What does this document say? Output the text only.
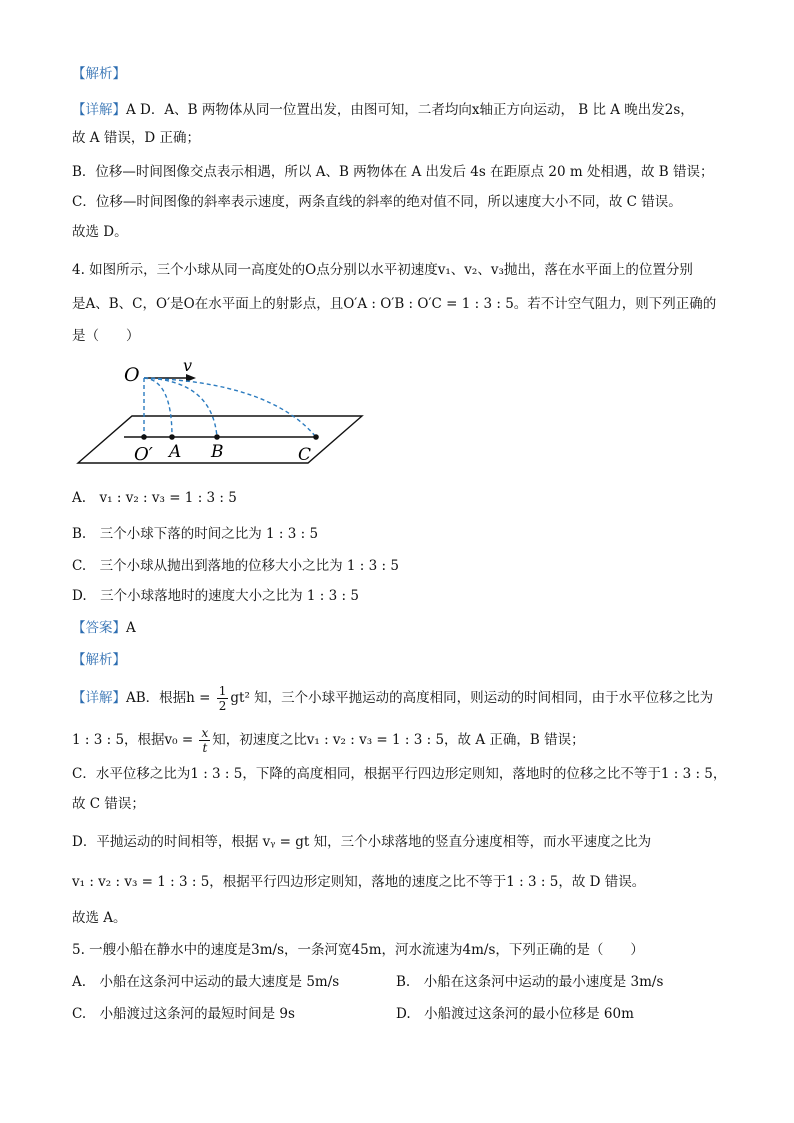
【解析】
【详解】A D．A、B 两物体从同一位置出发，由图可知，二者均向x轴正方向运动， B 比 A 晚出发2s，
故 A 错误，D 正确；
B．位移—时间图像交点表示相遇，所以 A、B 两物体在 A 出发后 4s 在距原点 20 m 处相遇，故 B 错误；
C．位移—时间图像的斜率表示速度，两条直线的斜率的绝对值不同，所以速度大小不同，故 C 错误。
故选 D。
4. 如图所示，三个小球从同一高度处的O点分别以水平初速度v₁、v₂、v₃抛出，落在水平面上的位置分别
是A、B、C，O′是O在水平面上的射影点，且O′A : O′B : O′C = 1 : 3 : 5。若不计空气阻力，则下列正确的
是（　　）
O	v
O′ A B	C
A.　v₁ : v₂ : v₃ = 1 : 3 : 5
B.　三个小球下落的时间之比为 1 : 3 : 5
C.　三个小球从抛出到落地的位移大小之比为 1 : 3 : 5
D.　三个小球落地时的速度大小之比为 1 : 3 : 5
【答案】A
【解析】
【详解】AB．根据$h = \frac{1}{2} gt^2$ 知，三个小球平抛运动的高度相同，则运动的时间相同，由于水平位移之比为
1 : 3 : 5，根据$v_0 = \frac{x}{t}$ 知，初速度之比v₁ : v₂ : v₃ = 1 : 3 : 5，故 A 正确，B 错误；
C．水平位移之比为1 : 3 : 5，下降的高度相同，根据平行四边形定则知，落地时的位移之比不等于1 : 3 : 5，
故 C 错误；
D．平抛运动的时间相等，根据 vᵧ = gt 知，三个小球落地的竖直分速度相等，而水平速度之比为
v₁ : v₂ : v₃ = 1 : 3 : 5，根据平行四边形定则知，落地的速度之比不等于1 : 3 : 5，故 D 错误。
故选 A。
5. 一艘小船在静水中的速度是3m/s，一条河宽45m，河水流速为4m/s，下列正确的是（　　）
A.　小船在这条河中运动的最大速度是 5m/s	B.　小船在这条河中运动的最小速度是 3m/s
C.　小船渡过这条河的最短时间是 9s	D.　小船渡过这条河的最小位移是 60m
